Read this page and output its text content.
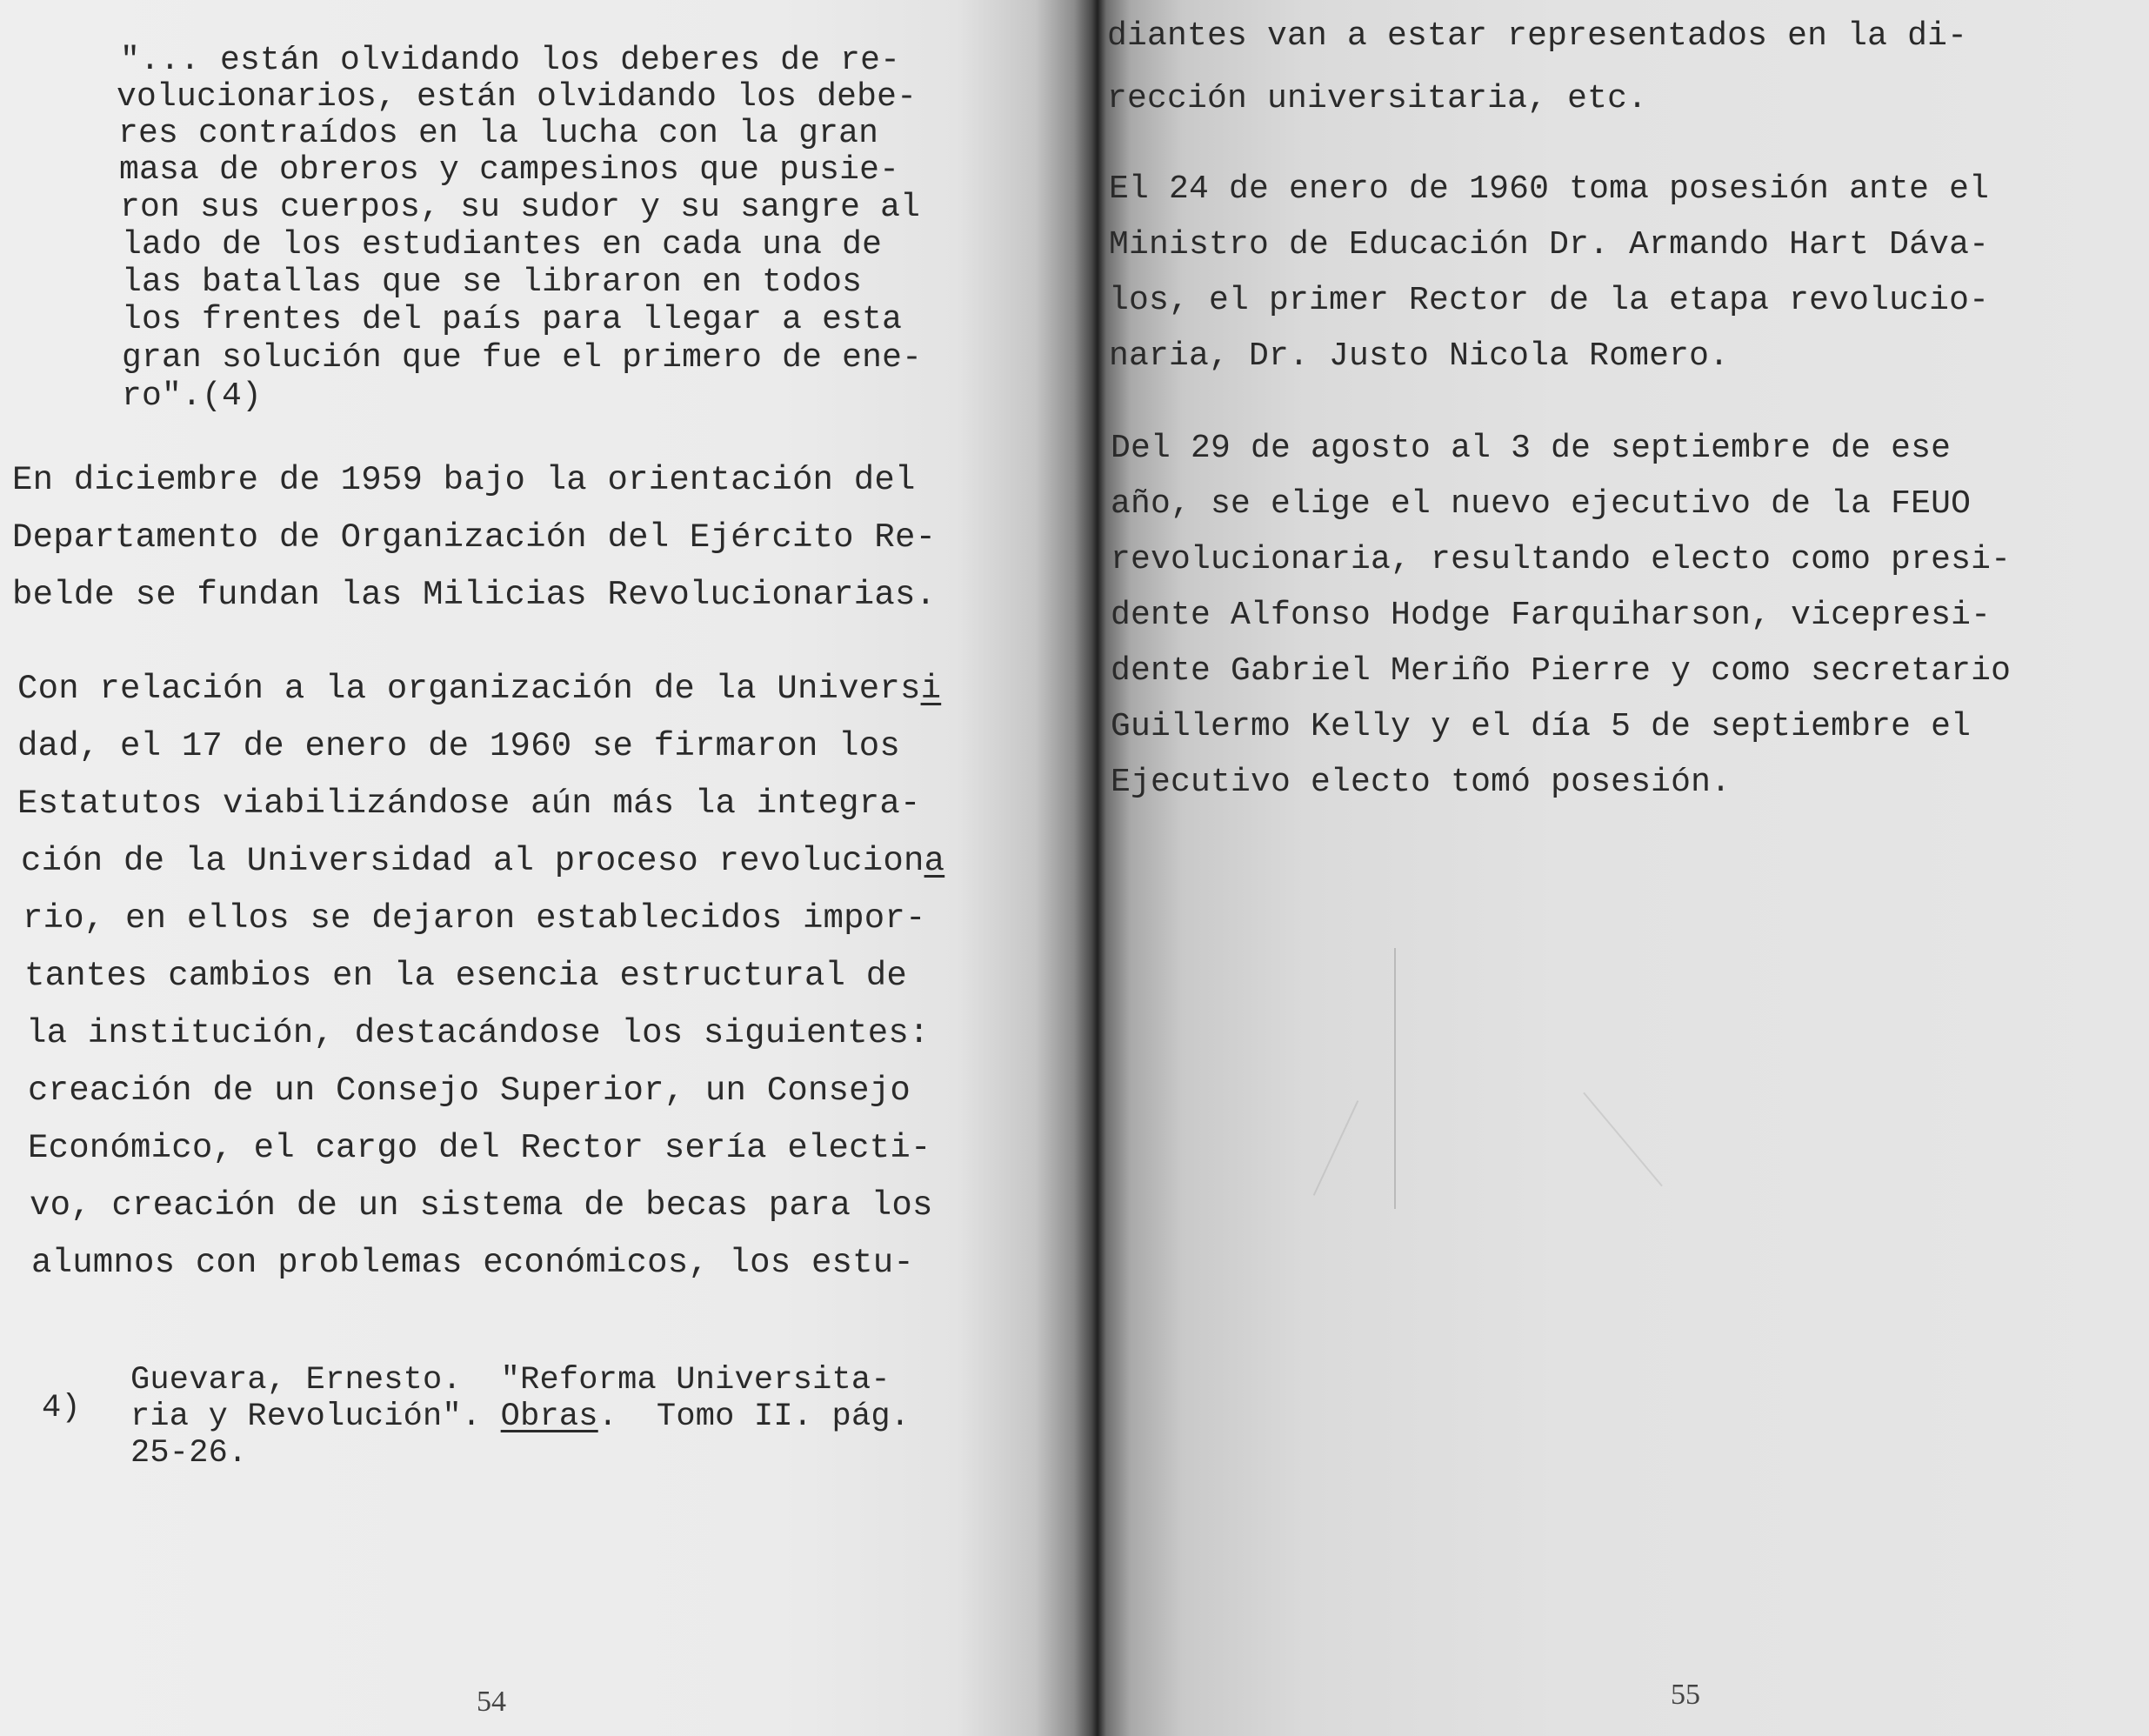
"... están olvidando los deberes de re-

volucionarios, están olvidando los debe-

res contraídos en la lucha con la gran

masa de obreros y campesinos que pusie-

ron sus cuerpos, su sudor y su sangre al

lado de los estudiantes en cada una de

las batallas que se libraron en todos

los frentes del país para llegar a esta

gran solución que fue el primero de ene-

ro".(4)

En diciembre de 1959 bajo la orientación del

Departamento de Organización del Ejército Re-

belde se fundan las Milicias Revolucionarias.

Con relación a la organización de la Universi

dad, el 17 de enero de 1960 se firmaron los

Estatutos viabilizándose aún más la integra-

ción de la Universidad al proceso revoluciona

rio, en ellos se dejaron establecidos impor-

tantes cambios en la esencia estructural de

la institución, destacándose los siguientes:

creación de un Consejo Superior, un Consejo

Económico, el cargo del Rector sería electi-

vo, creación de un sistema de becas para los

alumnos con problemas económicos, los estu-

4)

Guevara, Ernesto.  "Reforma Universita-

ria y Revolución". Obras.  Tomo II. pág.

25-26.

54

diantes van a estar representados en la di-

rección universitaria, etc.

El 24 de enero de 1960 toma posesión ante el

Ministro de Educación Dr. Armando Hart Dáva-

los, el primer Rector de la etapa revolucio-

naria, Dr. Justo Nicola Romero.

Del 29 de agosto al 3 de septiembre de ese

año, se elige el nuevo ejecutivo de la FEUO

revolucionaria, resultando electo como presi-

dente Alfonso Hodge Farquiharson, vicepresi-

dente Gabriel Meriño Pierre y como secretario

Guillermo Kelly y el día 5 de septiembre el

Ejecutivo electo tomó posesión.

55
